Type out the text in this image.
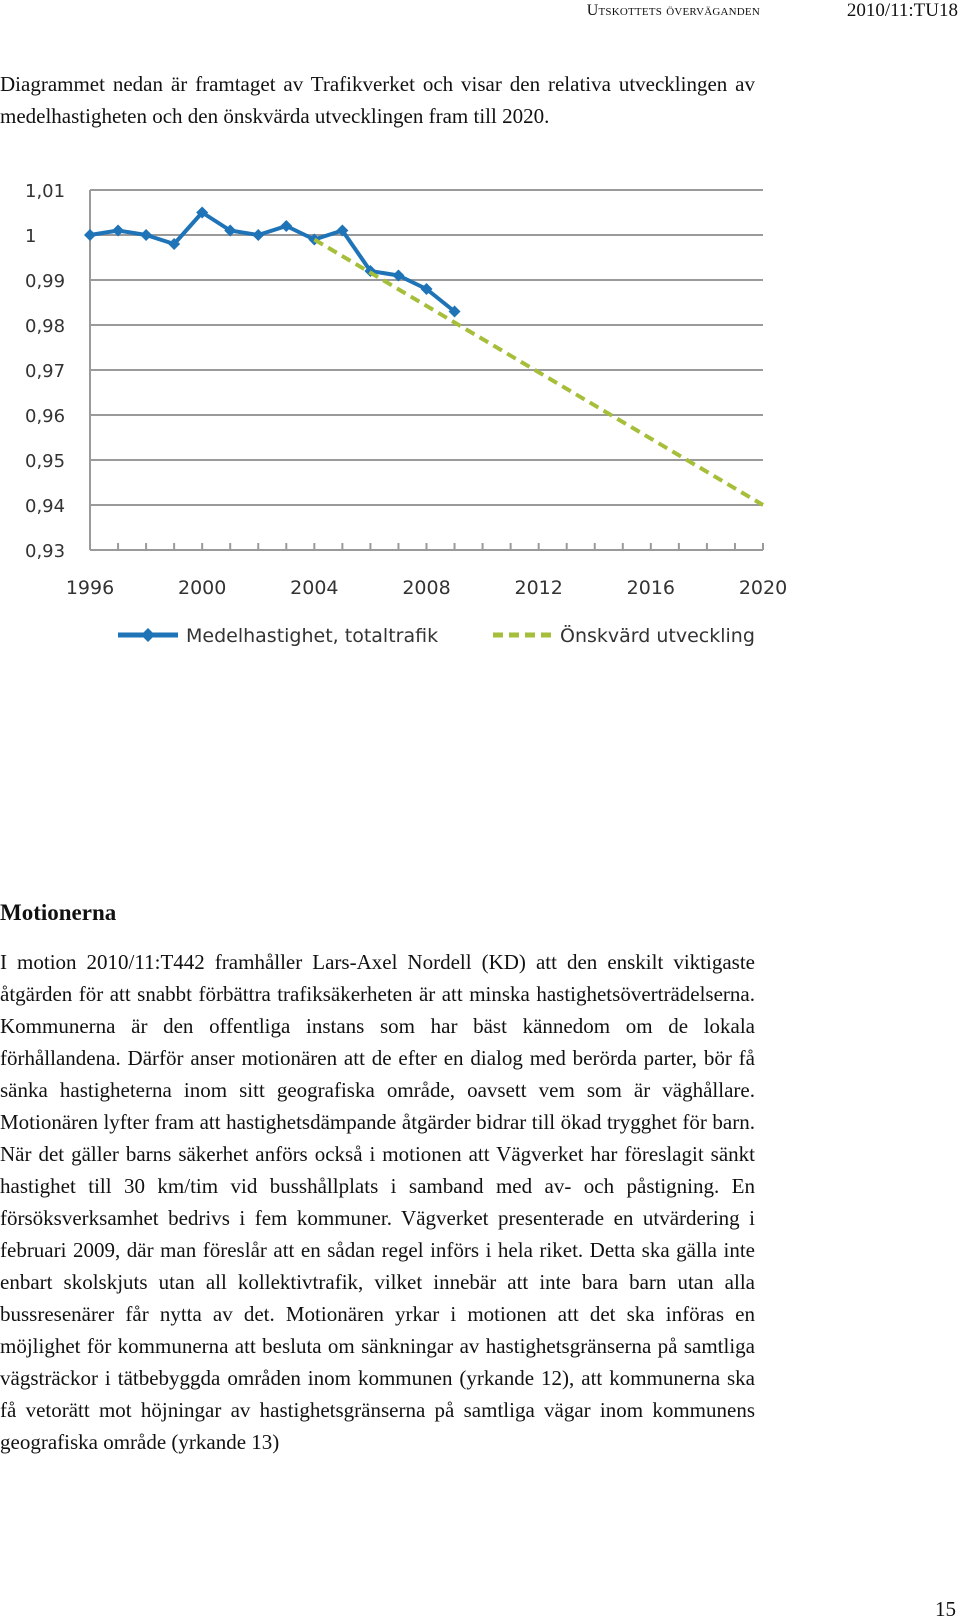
Utskottets överväganden	2010/11:TU18

Diagrammet nedan är framtaget av Trafikverket och visar den relativa utvecklingen av medelhastigheten och den önskvärda utvecklingen fram till 2020.

1,01
1
0,99
0,98
0,97
0,96
0,95
0,94
0,93
1996	2000	2004	2008	2012	2016	2020
Medelhastighet, totaltrafik	Önskvärd utveckling
Motionerna

I motion 2010/11:T442 framhåller Lars-Axel Nordell (KD) att den enskilt viktigaste åtgärden för att snabbt förbättra trafiksäkerheten är att minska hastighetsöverträdelserna. Kommunerna är den offentliga instans som har bäst kännedom om de lokala förhållandena. Därför anser motionären att de efter en dialog med berörda parter, bör få sänka hastigheterna inom sitt geografiska område, oavsett vem som är väghållare. Motionären lyfter fram att hastighetsdämpande åtgärder bidrar till ökad trygghet för barn. När det gäller barns säkerhet anförs också i motionen att Vägverket har föreslagit sänkt hastighet till 30 km/tim vid busshållplats i samband med av- och påstigning. En försöksverksamhet bedrivs i fem kommuner. Vägverket presenterade en utvärdering i februari 2009, där man föreslår att en sådan regel införs i hela riket. Detta ska gälla inte enbart skolskjuts utan all kollektivtrafik, vilket innebär att inte bara barn utan alla bussresenärer får nytta av det. Motionären yrkar i motionen att det ska införas en möjlighet för kommunerna att besluta om sänkningar av hastighetsgränserna på samtliga vägsträckor i tätbebyggda områden inom kommunen (yrkande 12), att kommunerna ska få vetorätt mot höjningar av hastighetsgränserna på samtliga vägar inom kommunens geografiska område (yrkande 13)

15
